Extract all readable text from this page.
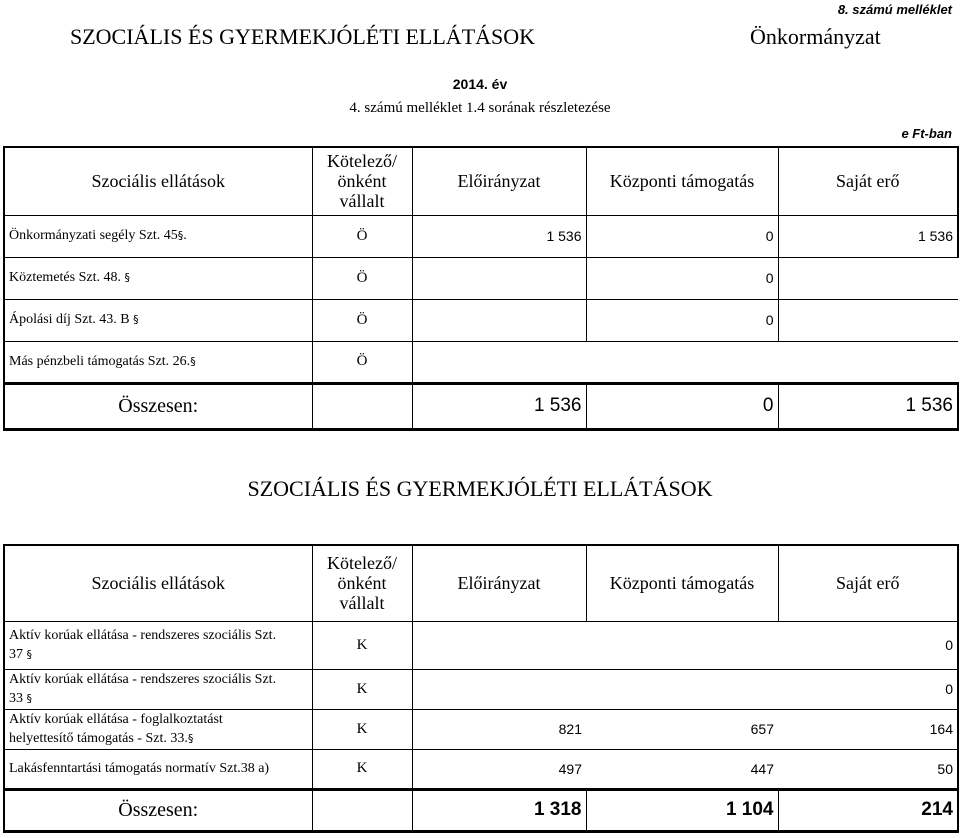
8. számú melléklet
SZOCIÁLIS ÉS GYERMEKJÓLÉTI ELLÁTÁSOK	Önkormányzat
2014. év
4. számú melléklet 1.4 sorának részletezése
e Ft-ban
Szociális ellátások	Kötelező/
önként
vállalt	Előirányzat	Központi támogatás	Saját erő
Önkormányzati segély Szt. 45§.	Ö	1 536	0	1 536
Köztemetés Szt. 48. §	Ö		0	
Ápolási díj Szt. 43. B §	Ö		0	
Más pénzbeli támogatás Szt. 26.§	Ö			
Összesen:		1 536	0	1 536
SZOCIÁLIS ÉS GYERMEKJÓLÉTI ELLÁTÁSOK
Szociális ellátások	Kötelező/
önként
vállalt	Előirányzat	Központi támogatás	Saját erő
Aktív korúak ellátása - rendszeres szociális Szt.
37 §	K			0
Aktív korúak ellátása - rendszeres szociális Szt.
33 §	K			0
Aktív korúak ellátása - foglalkoztatást
helyettesítő támogatás - Szt. 33.§	K	821	657	164
Lakásfenntartási támogatás normatív Szt.38 a)	K	497	447	50
Összesen:		1 318	1 104	214
